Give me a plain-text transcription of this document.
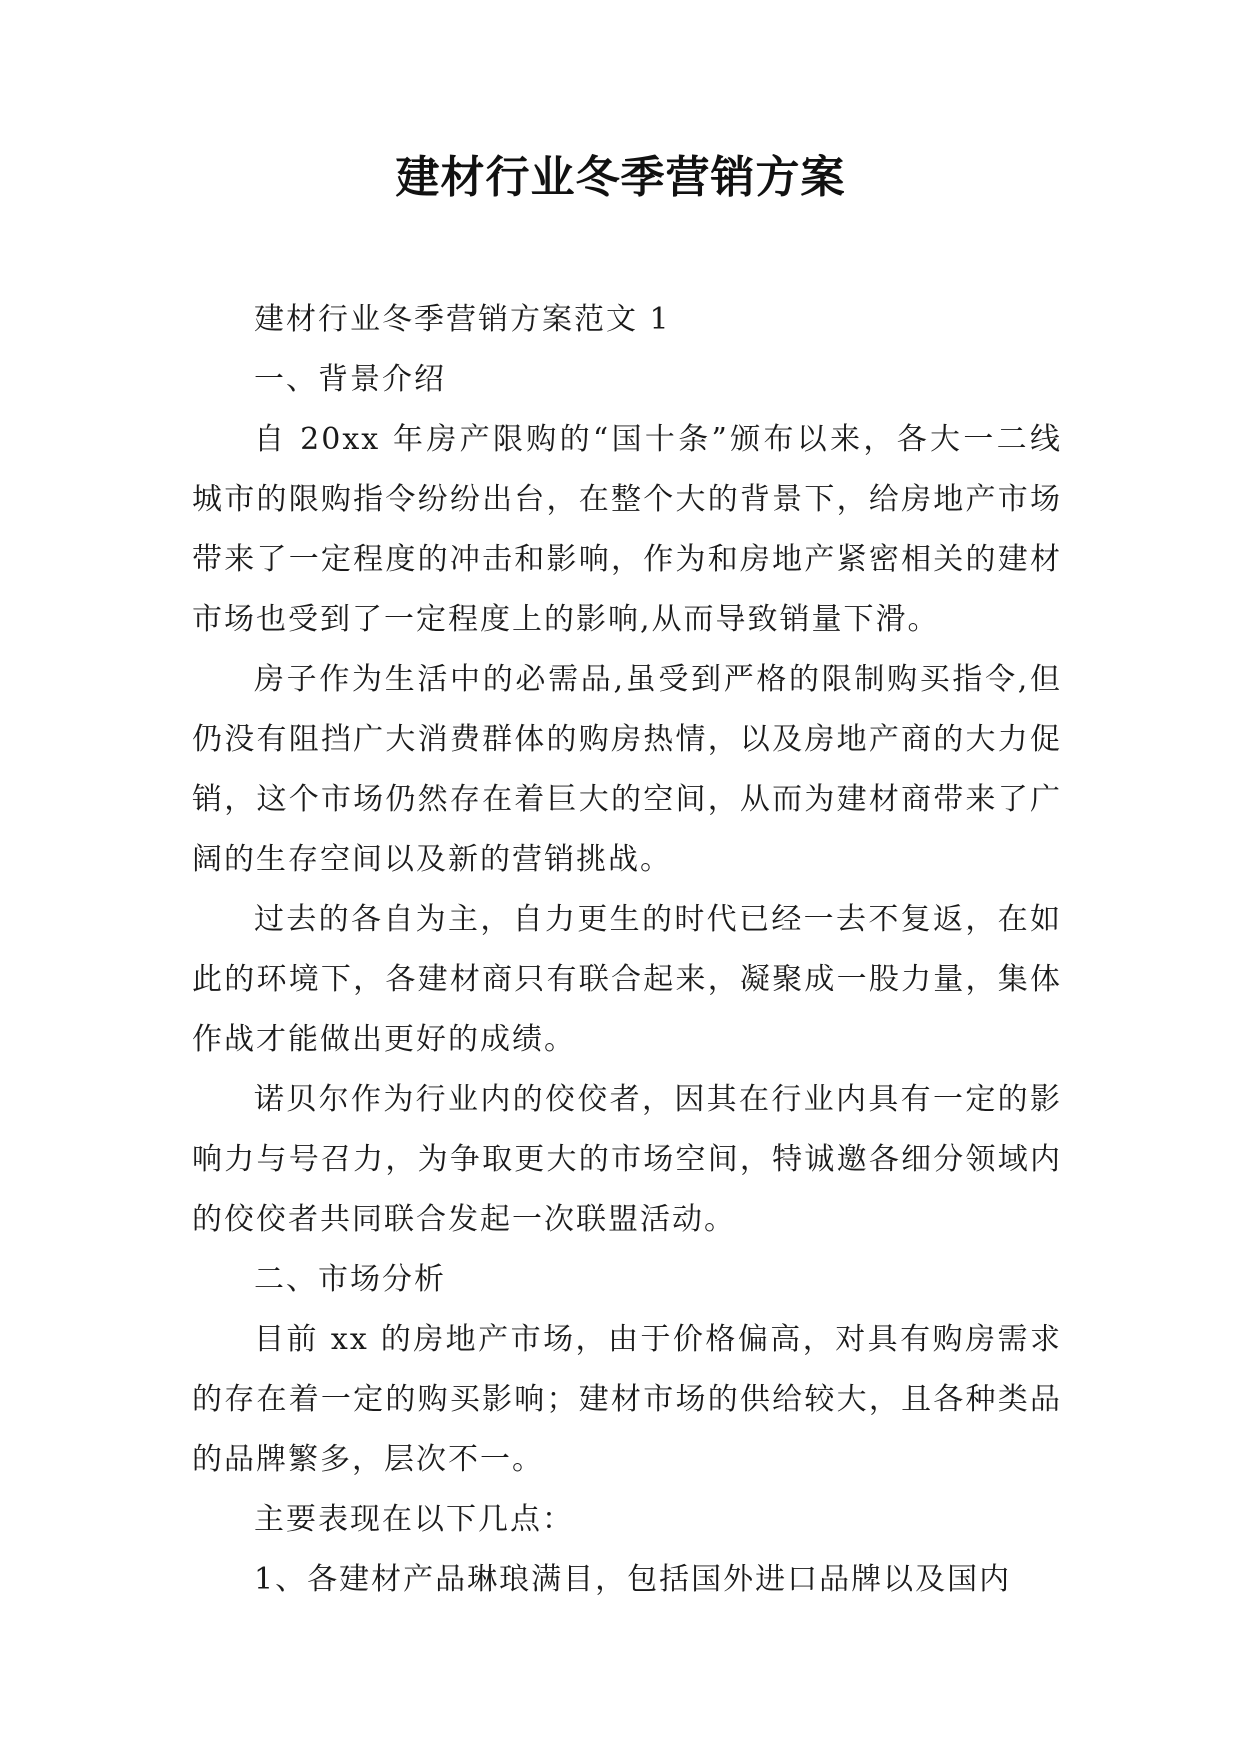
建材行业冬季营销方案

建材行业冬季营销方案范文 1

一、背景介绍

自 20xx 年房产限购的“国十条”颁布以来，各大一二线城市的限购指令纷纷出台，在整个大的背景下，给房地产市场带来了一定程度的冲击和影响，作为和房地产紧密相关的建材市场也受到了一定程度上的影响,从而导致销量下滑。

房子作为生活中的必需品,虽受到严格的限制购买指令,但仍没有阻挡广大消费群体的购房热情，以及房地产商的大力促销，这个市场仍然存在着巨大的空间，从而为建材商带来了广阔的生存空间以及新的营销挑战。

过去的各自为主，自力更生的时代已经一去不复返，在如此的环境下，各建材商只有联合起来，凝聚成一股力量，集体作战才能做出更好的成绩。

诺贝尔作为行业内的佼佼者，因其在行业内具有一定的影响力与号召力，为争取更大的市场空间，特诚邀各细分领域内的佼佼者共同联合发起一次联盟活动。

二、市场分析

目前 xx 的房地产市场，由于价格偏高，对具有购房需求的存在着一定的购买影响；建材市场的供给较大，且各种类品的品牌繁多，层次不一。

主要表现在以下几点：

1、各建材产品琳琅满目，包括国外进口品牌以及国内
